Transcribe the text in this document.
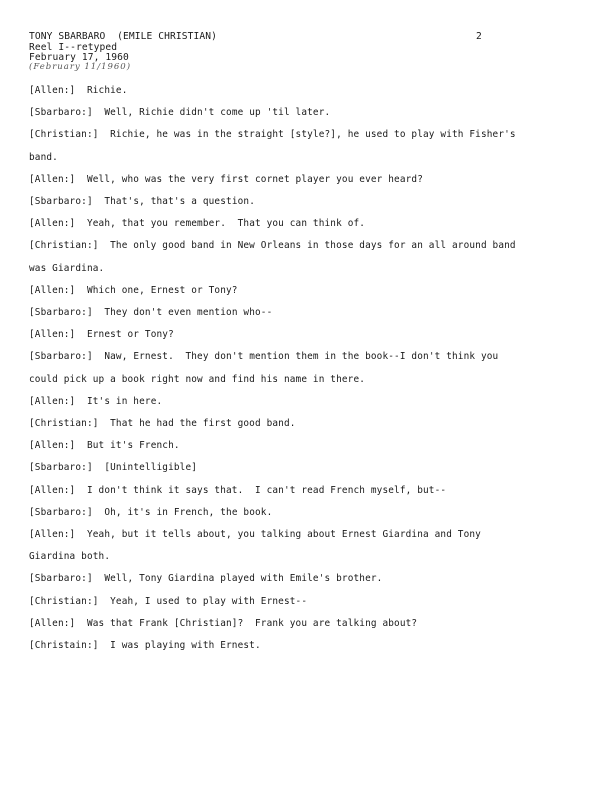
TONY SBARBARO  (EMILE CHRISTIAN)	2
Reel I--retyped
February 17, 1960
(February 11/1960)
[Allen:] Richie.
[Sbarbaro:] Well, Richie didn't come up 'til later.
[Christian:] Richie, he was in the straight [style?], he used to play with Fisher's
band.
[Allen:] Well, who was the very first cornet player you ever heard?
[Sbarbaro:] That's, that's a question.
[Allen:] Yeah, that you remember.  That you can think of.
[Christian:] The only good band in New Orleans in those days for an all around band
was Giardina.
[Allen:] Which one, Ernest or Tony?
[Sbarbaro:] They don't even mention who--
[Allen:] Ernest or Tony?
[Sbarbaro:] Naw, Ernest.  They don't mention them in the book--I don't think you
could pick up a book right now and find his name in there.
[Allen:] It's in here.
[Christian:] That he had the first good band.
[Allen:] But it's French.
[Sbarbaro:] [Unintelligible]
[Allen:] I don't think it says that.  I can't read French myself, but--
[Sbarbaro:] Oh, it's in French, the book.
[Allen:] Yeah, but it tells about, you talking about Ernest Giardina and Tony
Giardina both.
[Sbarbaro:] Well, Tony Giardina played with Emile's brother.
[Christian:] Yeah, I used to play with Ernest--
[Allen:] Was that Frank [Christian]?  Frank you are talking about?
[Christain:] I was playing with Ernest.
